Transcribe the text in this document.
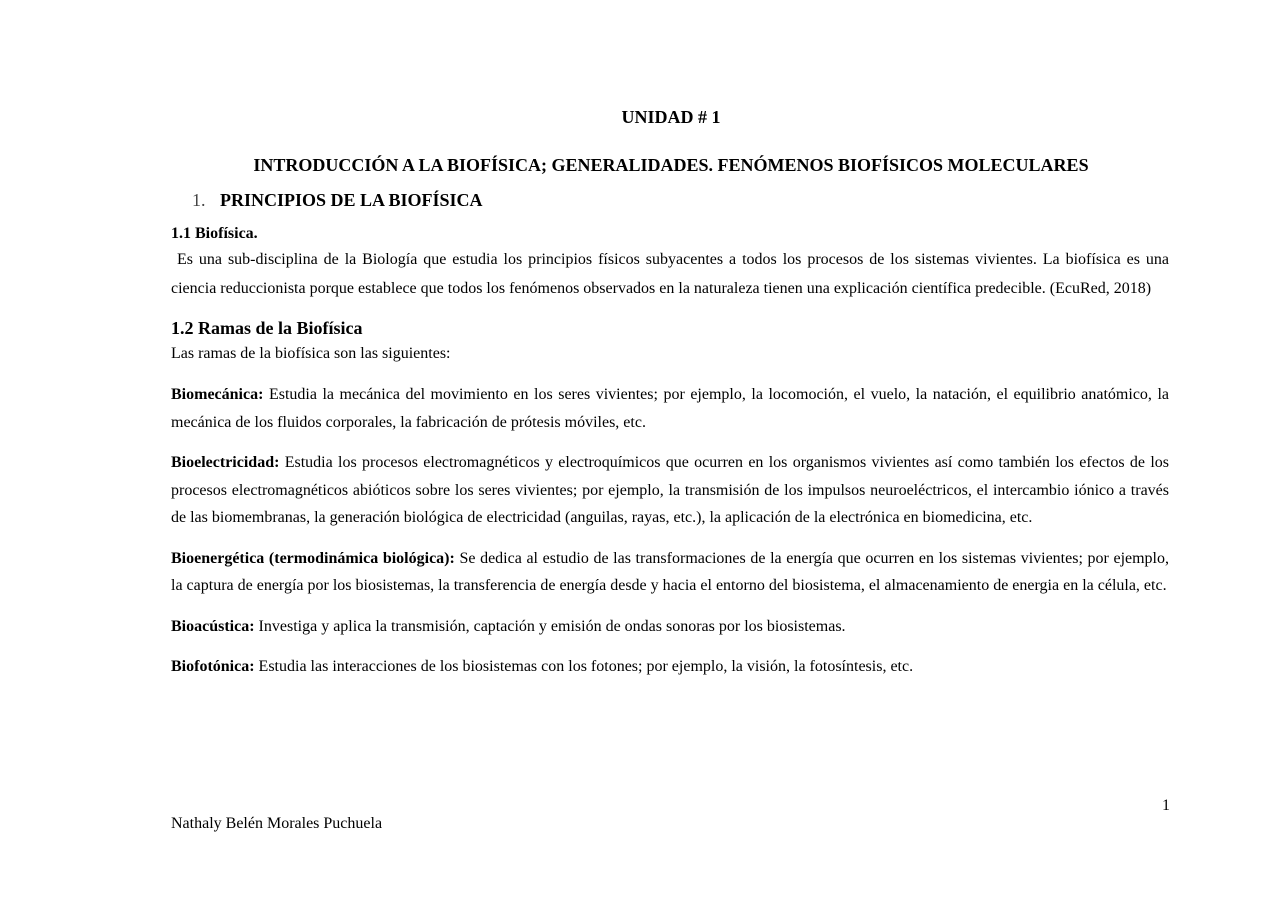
UNIDAD # 1
INTRODUCCIÓN A LA BIOFÍSICA; GENERALIDADES. FENÓMENOS BIOFÍSICOS MOLECULARES
1. PRINCIPIOS DE LA BIOFÍSICA
1.1 Biofísica.

Es una sub-disciplina de la Biología que estudia los principios físicos subyacentes a todos los procesos de los sistemas vivientes. La biofísica es una ciencia reduccionista porque establece que todos los fenómenos observados en la naturaleza tienen una explicación científica predecible. (EcuRed, 2018)

1.2 Ramas de la Biofísica

Las ramas de la biofísica son las siguientes:

Biomecánica: Estudia la mecánica del movimiento en los seres vivientes; por ejemplo, la locomoción, el vuelo, la natación, el equilibrio anatómico, la mecánica de los fluidos corporales, la fabricación de prótesis móviles, etc.

Bioelectricidad: Estudia los procesos electromagnéticos y electroquímicos que ocurren en los organismos vivientes así como también los efectos de los procesos electromagnéticos abióticos sobre los seres vivientes; por ejemplo, la transmisión de los impulsos neuroeléctricos, el intercambio iónico a través de las biomembranas, la generación biológica de electricidad (anguilas, rayas, etc.), la aplicación de la electrónica en biomedicina, etc.

Bioenergética (termodinámica biológica): Se dedica al estudio de las transformaciones de la energía que ocurren en los sistemas vivientes; por ejemplo, la captura de energía por los biosistemas, la transferencia de energía desde y hacia el entorno del biosistema, el almacenamiento de energia en la célula, etc.

Bioacústica: Investiga y aplica la transmisión, captación y emisión de ondas sonoras por los biosistemas.

Biofotónica: Estudia las interacciones de los biosistemas con los fotones; por ejemplo, la visión, la fotosíntesis, etc.

1
Nathaly Belén Morales Puchuela
